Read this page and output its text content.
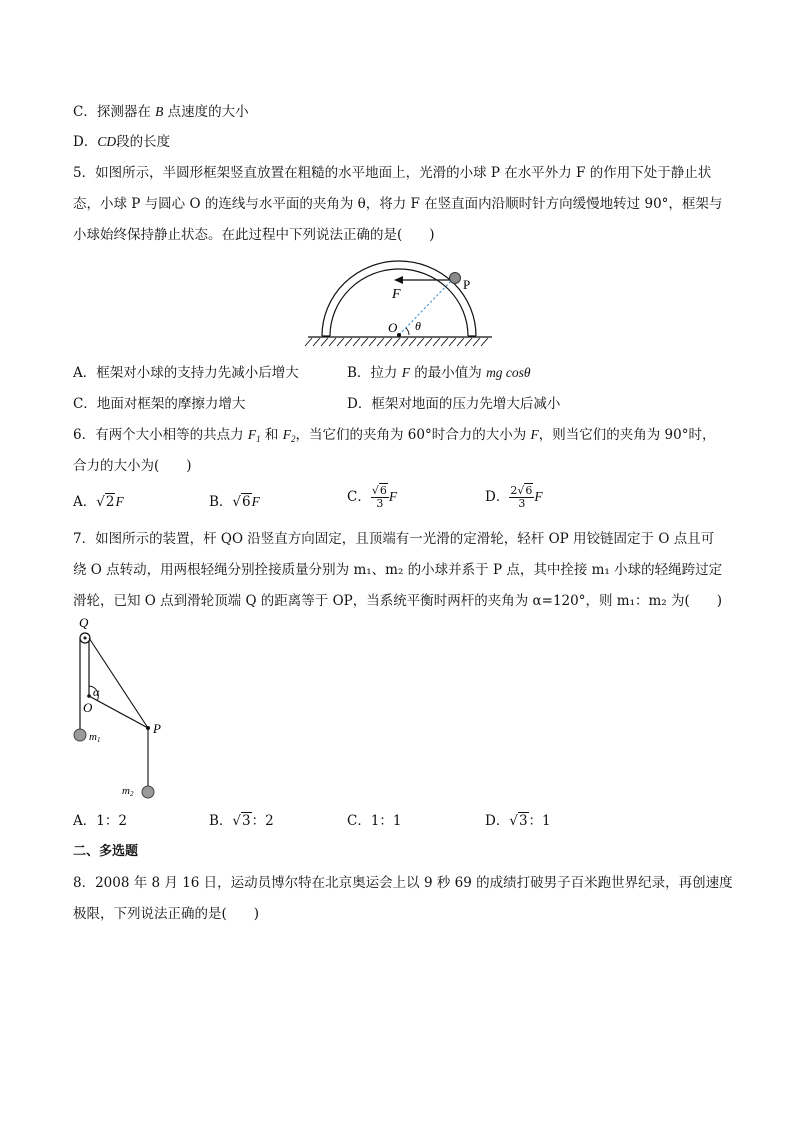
C．探测器在 B 点速度的大小
D．CD段的长度
5．如图所示，半圆形框架竖直放置在粗糙的水平地面上，光滑的小球 P 在水平外力 F 的作用下处于静止状
态，小球 P 与圆心 O 的连线与水平面的夹角为 θ，将力 F 在竖直面内沿顺时针方向缓慢地转过 90°，框架与
小球始终保持静止状态。在此过程中下列说法正确的是(　　)
F
P
O θ
A．框架对小球的支持力先减小后增大	B．拉力 F 的最小值为 mg cosθ
C．地面对框架的摩擦力增大	D．框架对地面的压力先增大后减小
6．有两个大小相等的共点力 $F_1$ 和 $F_2$，当它们的夹角为 60°时合力的大小为 F，则当它们的夹角为 90°时，
合力的大小为(　　)
A．√2F	B．√6F	C． $\frac{√6}{3}$ F	D． $\frac{2√6}{3}$ F
7．如图所示的装置，杆 QO 沿竖直方向固定，且顶端有一光滑的定滑轮，轻杆 OP 用铰链固定于 O 点且可
绕 O 点转动，用两根轻绳分别拴接质量分别为 m₁、m₂ 的小球并系于 P 点，其中拴接 m₁ 小球的轻绳跨过定
滑轮，已知 O 点到滑轮顶端 Q 的距离等于 OP，当系统平衡时两杆的夹角为 α=120°，则 m₁：m₂ 为(　　)
Q
α
O
P
m1
m2
A．1：2	B．√3：2	C．1：1	D．√3：1
二、多选题
8．2008 年 8 月 16 日，运动员博尔特在北京奥运会上以 9 秒 69 的成绩打破男子百米跑世界纪录，再创速度
极限，下列说法正确的是(　　)
